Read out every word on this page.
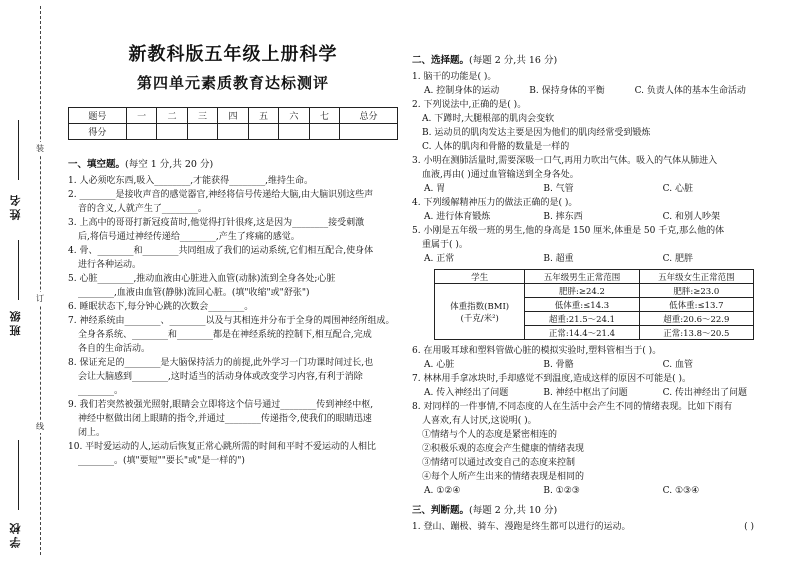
姓名
班级
学校
装
订
线
新教科版五年级上册科学
第四单元素质教育达标测评
题号	一	二	三	四	五	六	七	总分
得分								
一、填空题。(每空 1 分,共 20 分)

1. 人必须吃东西,吸入________,才能获得________,维持生命。

2. ________是接收声音的感觉器官,神经将信号传递给大脑,由大脑识别这些声

音的含义,人就产生了________。

3. 上高中的哥哥打新冠疫苗时,他觉得打针很疼,这是因为________接受刺激

后,将信号通过神经传递给________,产生了疼痛的感觉。

4. 骨、________和________共同组成了我们的运动系统,它们相互配合,使身体

进行各种运动。

5. 心脏________,推动血液由心脏进入血管(动脉)流到全身各处;心脏

________,血液由血管(静脉)流回心脏。(填"收缩"或"舒张")

6. 睡眠状态下,每分钟心跳的次数会________。

7. 神经系统由________、________以及与其相连并分布于全身的周围神经所组成。

全身各系统、________和________都是在神经系统的控制下,相互配合,完成

各自的生命活动。

8. 保证充足的________是大脑保持活力的前提,此外学习一门功课时间过长,也

会让大脑感到________,这时适当的活动身体或改变学习内容,有利于消除

________。

9. 我们若突然被强光照射,眼睛会立即将这个信号通过________传到神经中枢,

神经中枢做出闭上眼睛的指令,并通过________传递指令,使我们的眼睛迅速

闭上。

10. 平时爱运动的人,运动后恢复正常心跳所需的时间和平时不爱运动的人相比

________。(填"要短""要长"或"是一样的")

二、选择题。(每题 2 分,共 16 分)

1. 脑干的功能是( )。

A. 控制身体的运动	B. 保持身体的平衡	C. 负责人体的基本生命活动

2. 下列说法中,正确的是( )。

A. 下蹲时,大腿根部的肌肉会变软

B. 运动员的肌肉发达主要是因为他们的肌肉经常受到锻炼

C. 人体的肌肉和骨骼的数量是一样的

3. 小明在测肺活量时,需要深吸一口气,再用力吹出气体。吸入的气体从肺进入

血液,再由( )通过血管输送到全身各处。

A. 胃	B. 气管	C. 心脏

4. 下列缓解精神压力的做法正确的是( )。

A. 进行体育锻炼	B. 摔东西	C. 和别人吵架

5. 小刚是五年级一班的男生,他的身高是 150 厘米,体重是 50 千克,那么他的体

重属于( )。

A. 正常	B. 超重	C. 肥胖
学生	五年级男生正常范围	五年级女生正常范围

体重指数(BMI)
(千克/米²)	肥胖:≥24.2	肥胖:≥23.0
	低体重:≤14.3	低体重:≤13.7
	超重:21.5～24.1	超重:20.6～22.9
	正常:14.4～21.4	正常:13.8～20.5

6. 在用吸耳球和塑料管做心脏的模拟实验时,塑料管相当于( )。

A. 心脏	B. 骨骼	C. 血管

7. 林林用手拿冰块时,手却感觉不到温度,造成这样的原因不可能是( )。

A. 传入神经出了问题	B. 神经中枢出了问题	C. 传出神经出了问题

8. 对同样的一件事情,不同态度的人在生活中会产生不同的情绪表现。比如下雨有

人喜欢,有人讨厌,这说明( )。

①情绪与个人的态度是紧密相连的

②积极乐观的态度会产生健康的情绪表现

③情绪可以通过改变自己的态度来控制

④每个人所产生出来的情绪表现是相同的

A. ①②④	B. ①②③	C. ①③④
三、判断题。(每题 2 分,共 10 分)
1. 登山、蹦极、骑车、漫跑是终生都可以进行的运动。	( )
